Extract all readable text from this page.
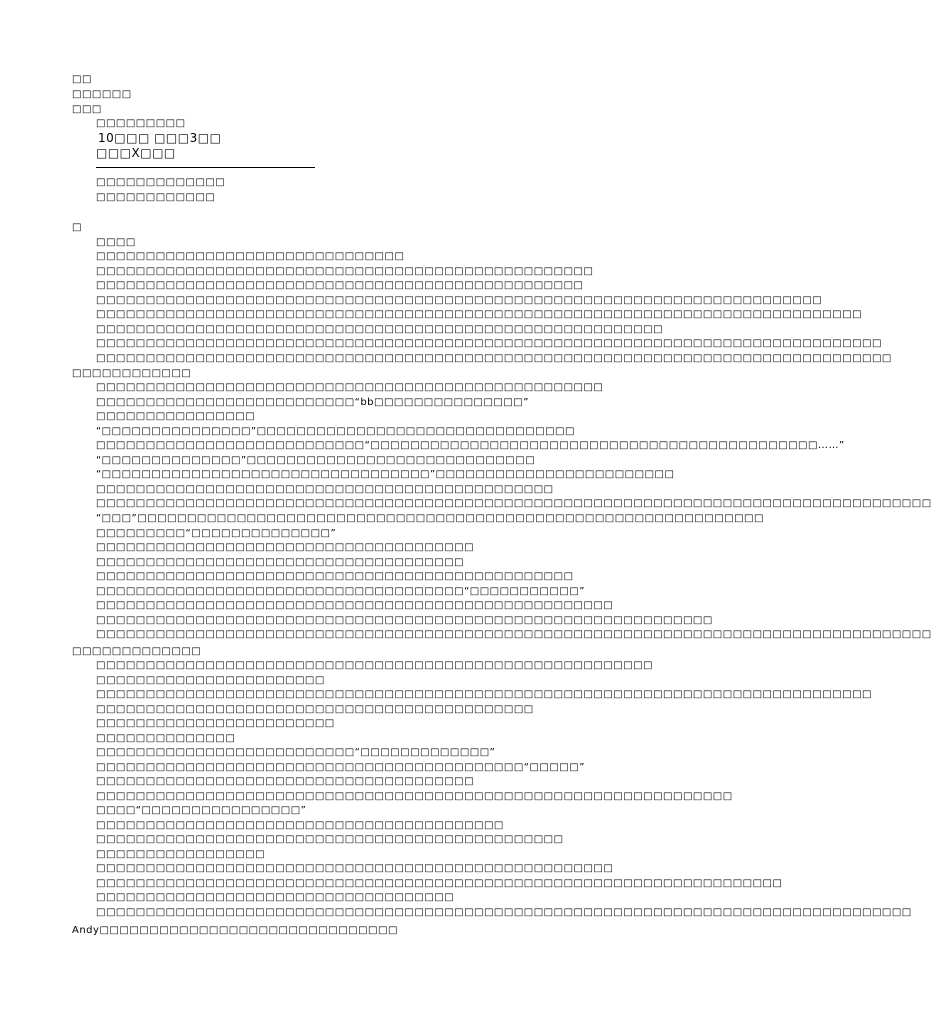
□□
□□□□□□
□□□
□□□□□□□□□
10□□□ □□□3□□
□□□X□□□
□□□□□□□□□□□□□
□□□□□□□□□□□□
□
□□□□
□□□□□□□□□□□□□□□□□□□□□□□□□□□□□□□
□□□□□□□□□□□□□□□□□□□□□□□□□□□□□□□□□□□□□□□□□□□□□□□□□□
□□□□□□□□□□□□□□□□□□□□□□□□□□□□□□□□□□□□□□□□□□□□□□□□□
□□□□□□□□□□□□□□□□□□□□□□□□□□□□□□□□□□□□□□□□□□□□□□□□□□□□□□□□□□□□□□□□□□□□□□□□□
□□□□□□□□□□□□□□□□□□□□□□□□□□□□□□□□□□□□□□□□□□□□□□□□□□□□□□□□□□□□□□□□□□□□□□□□□□□□□
□□□□□□□□□□□□□□□□□□□□□□□□□□□□□□□□□□□□□□□□□□□□□□□□□□□□□□□□□
□□□□□□□□□□□□□□□□□□□□□□□□□□□□□□□□□□□□□□□□□□□□□□□□□□□□□□□□□□□□□□□□□□□□□□□□□□□□□□□
□□□□□□□□□□□□□□□□□□□□□□□□□□□□□□□□□□□□□□□□□□□□□□□□□□□□□□□□□□□□□□□□□□□□□□□□□□□□□□□□
□□□□□□□□□□□□
□□□□□□□□□□□□□□□□□□□□□□□□□□□□□□□□□□□□□□□□□□□□□□□□□□□
□□□□□□□□□□□□□□□□□□□□□□□□□□“bb□□□□□□□□□□□□□□□”
□□□□□□□□□□□□□□□□
“□□□□□□□□□□□□□□□”□□□□□□□□□□□□□□□□□□□□□□□□□□□□□□□□
□□□□□□□□□□□□□□□□□□□□□□□□□□□“□□□□□□□□□□□□□□□□□□□□□□□□□□□□□□□□□□□□□□□□□□□□□……”
“□□□□□□□□□□□□□□”□□□□□□□□□□□□□□□□□□□□□□□□□□□□□
“□□□□□□□□□□□□□□□□□□□□□□□□□□□□□□□□□”□□□□□□□□□□□□□□□□□□□□□□□□
□□□□□□□□□□□□□□□□□□□□□□□□□□□□□□□□□□□□□□□□□□□□□□
□□□□□□□□□□□□□□□□□□□□□□□□□□□□□□□□□□□□□□□□□□□□□□□□□□□□□□□□□□□□□□□□□□□□□□□□□□□□□□□□□□□□
“□□□”□□□□□□□□□□□□□□□□□□□□□□□□□□□□□□□□□□□□□□□□□□□□□□□□□□□□□□□□□□□□□□□
□□□□□□□□□“□□□□□□□□□□□□□□”
□□□□□□□□□□□□□□□□□□□□□□□□□□□□□□□□□□□□□□
□□□□□□□□□□□□□□□□□□□□□□□□□□□□□□□□□□□□□
□□□□□□□□□□□□□□□□□□□□□□□□□□□□□□□□□□□□□□□□□□□□□□□□
□□□□□□□□□□□□□□□□□□□□□□□□□□□□□□□□□□□□□“□□□□□□□□□□□”
□□□□□□□□□□□□□□□□□□□□□□□□□□□□□□□□□□□□□□□□□□□□□□□□□□□□
□□□□□□□□□□□□□□□□□□□□□□□□□□□□□□□□□□□□□□□□□□□□□□□□□□□□□□□□□□□□□□
□□□□□□□□□□□□□□□□□□□□□□□□□□□□□□□□□□□□□□□□□□□□□□□□□□□□□□□□□□□□□□□□□□□□□□□□□□□□□□□□□□□□
□□□□□□□□□□□□□
□□□□□□□□□□□□□□□□□□□□□□□□□□□□□□□□□□□□□□□□□□□□□□□□□□□□□□□□
□□□□□□□□□□□□□□□□□□□□□□□
□□□□□□□□□□□□□□□□□□□□□□□□□□□□□□□□□□□□□□□□□□□□□□□□□□□□□□□□□□□□□□□□□□□□□□□□□□□□□□
□□□□□□□□□□□□□□□□□□□□□□□□□□□□□□□□□□□□□□□□□□□□
□□□□□□□□□□□□□□□□□□□□□□□□
□□□□□□□□□□□□□□
□□□□□□□□□□□□□□□□□□□□□□□□□□“□□□□□□□□□□□□□”
□□□□□□□□□□□□□□□□□□□□□□□□□□□□□□□□□□□□□□□□□□□“□□□□□”
□□□□□□□□□□□□□□□□□□□□□□□□□□□□□□□□□□□□□□
□□□□□□□□□□□□□□□□□□□□□□□□□□□□□□□□□□□□□□□□□□□□□□□□□□□□□□□□□□□□□□□□
□□□□“□□□□□□□□□□□□□□□□”
□□□□□□□□□□□□□□□□□□□□□□□□□□□□□□□□□□□□□□□□□
□□□□□□□□□□□□□□□□□□□□□□□□□□□□□□□□□□□□□□□□□□□□□□□
□□□□□□□□□□□□□□□□□
□□□□□□□□□□□□□□□□□□□□□□□□□□□□□□□□□□□□□□□□□□□□□□□□□□□□
□□□□□□□□□□□□□□□□□□□□□□□□□□□□□□□□□□□□□□□□□□□□□□□□□□□□□□□□□□□□□□□□□□□□□
□□□□□□□□□□□□□□□□□□□□□□□□□□□□□□□□□□□□
□□□□□□□□□□□□□□□□□□□□□□□□□□□□□□□□□□□□□□□□□□□□□□□□□□□□□□□□□□□□□□□□□□□□□□□□□□□□□□□□□□
Andy□□□□□□□□□□□□□□□□□□□□□□□□□□□□□□
